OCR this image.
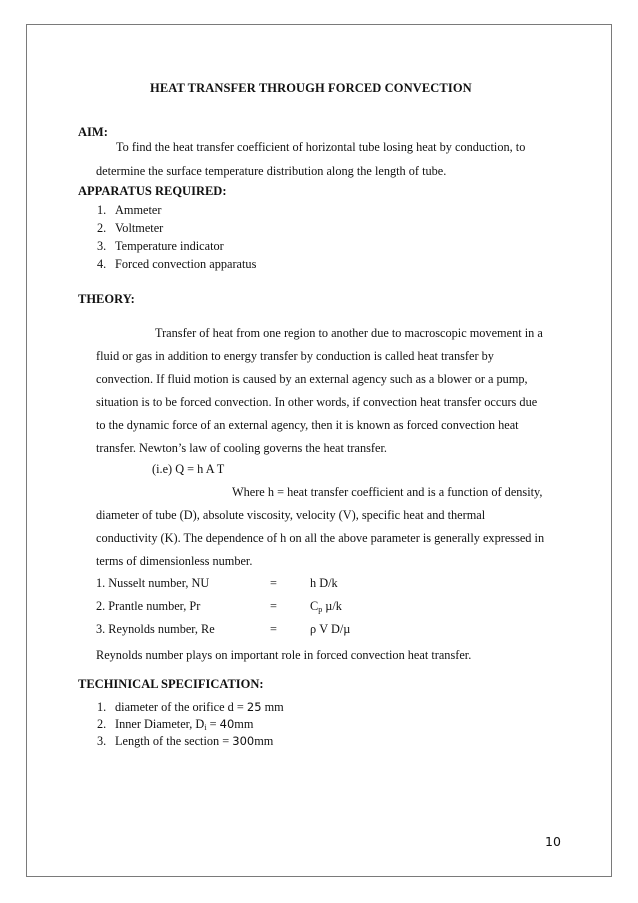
HEAT TRANSFER THROUGH FORCED CONVECTION
AIM:
To find the heat transfer coefficient of horizontal tube losing heat by conduction, to
determine the surface temperature distribution along the length of tube.
APPARATUS REQUIRED:
1. Ammeter
2. Voltmeter
3. Temperature indicator
4. Forced convection apparatus
THEORY:
Transfer of heat from one region to another due to macroscopic movement in a
fluid or gas in addition to energy transfer by conduction is called heat transfer by
convection. If fluid motion is caused by an external agency such as a blower or a pump,
situation is to be forced convection. In other words, if convection heat transfer occurs due
to the dynamic force of an external agency, then it is known as forced convection heat
transfer. Newton’s law of cooling governs the heat transfer.
(i.e) Q = h A T
Where h = heat transfer coefficient and is a function of density,
diameter of tube (D), absolute viscosity, velocity (V), specific heat and thermal
conductivity (K). The dependence of h on all the above parameter is generally expressed in
terms of dimensionless number.
1. Nusselt number, NU	=	h D/k
2. Prantle number, Pr	=	$C_p$ µ/k
3. Reynolds number, Re	=	ρ V D/µ
Reynolds number plays on important role in forced convection heat transfer.
TECHINICAL SPECIFICATION:
1. diameter of the orifice d = 25 mm
2. Inner Diameter, $D_i = 40mm$
3. Length of the section = 300mm
10
